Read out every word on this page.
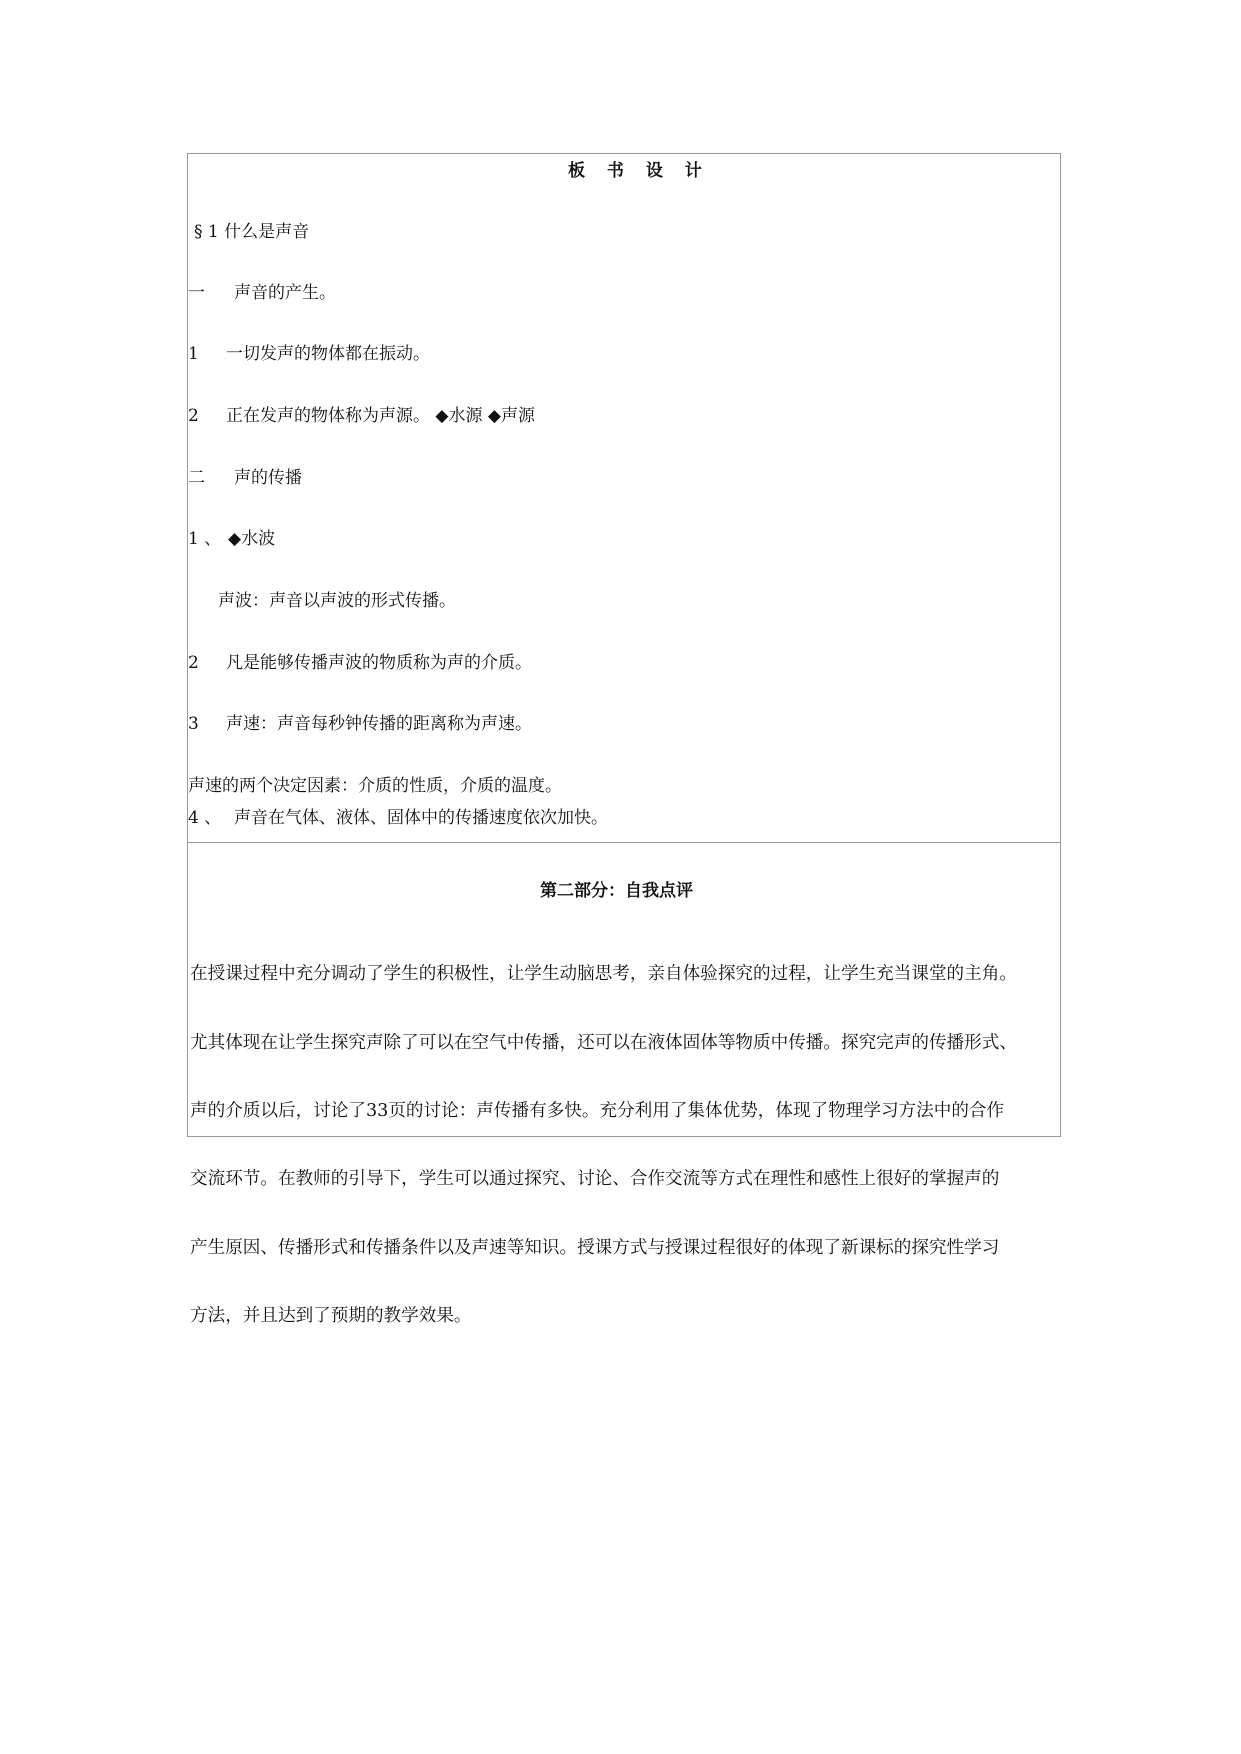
板 书 设 计
§ 1 什么是声音
一 声音的产生。
1 一切发声的物体都在振动。
2 正在发声的物体称为声源。 ◆水源 ◆声源
二 声的传播
1 、 ◆水波
声波：声音以声波的形式传播。
2 凡是能够传播声波的物质称为声的介质。
3 声速：声音每秒钟传播的距离称为声速。
声速的两个决定因素：介质的性质，介质的温度。
4 、 声音在气体、液体、固体中的传播速度依次加快。
第二部分：自我点评

在授课过程中充分调动了学生的积极性，让学生动脑思考，亲自体验探究的过程，让学生充当课堂的主角。

尤其体现在让学生探究声除了可以在空气中传播，还可以在液体固体等物质中传播。探究完声的传播形式、

声的介质以后，讨论了33页的讨论：声传播有多快。充分利用了集体优势，体现了物理学习方法中的合作

交流环节。在教师的引导下，学生可以通过探究、讨论、合作交流等方式在理性和感性上很好的掌握声的

产生原因、传播形式和传播条件以及声速等知识。授课方式与授课过程很好的体现了新课标的探究性学习

方法，并且达到了预期的教学效果。
